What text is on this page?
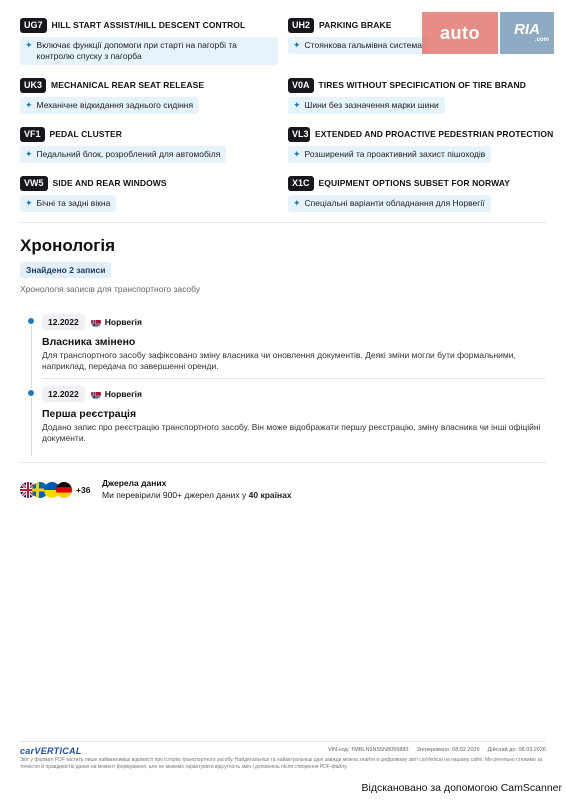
UG7	HILL START ASSIST/HILL DESCENT CONTROL
✦ Включає функції допомоги при старті на пагорбі та контролю спуску з пагорба
UH2	PARKING BRAKE
✦ Стоянкова гальмівна система
UK3	MECHANICAL REAR SEAT RELEASE
✦ Механічне відкидання заднього сидіння
V0A	TIRES WITHOUT SPECIFICATION OF TIRE BRAND
✦ Шини без зазначення марки шини
VF1	PEDAL CLUSTER
✦ Педальний блок, розроблений для автомобіля
VL3 EXTENDED AND PROACTIVE PEDESTRIAN PROTECTION
✦ Розширений та проактивний захист пішоходів
VW5	SIDE AND REAR WINDOWS
✦ Бічні та задні вікна
X1C	EQUIPMENT OPTIONS SUBSET FOR NORWAY
✦ Спеціальні варіанти обладнання для Норвегії
auto	RIA
.com
Хронологія
Знайдено 2 записи
Хронологія записів для транспортного засобу
12.2022	Норвегія
Власника змінено
Для транспортного засобу зафіксовано зміну власника чи оновлення документів. Деякі зміни могли бути формальними, наприклад, передача по завершенні оренди.
12.2022	Норвегія
Перша реєстрація
Додано запис про реєстрацію транспортного засобу. Він може відображати першу реєстрацію, зміну власника чи інші офіційні документи.
+36
Джерела даних
Ми перевірили 900+ джерел даних у 40 країнах
carVERTICAL	VIN-код: TMBLN9NS5N8056883 Згенеровано: 08.02.2026 Дійсний до: 08.03.2026
Звіт у форматі PDF містить лише найважливіші відомості про історію транспортного засобу. Найдетальніші та найактуальніші дані завжди можна знайти в цифровому звіті carVertical на нашому сайті. Ми ретельно стежимо за точністю й правдивістю даних на момент формування, але не можемо гарантувати відсутність змін і доповнень після створення PDF-файлу.
Відскановано за допомогою CamScanner
